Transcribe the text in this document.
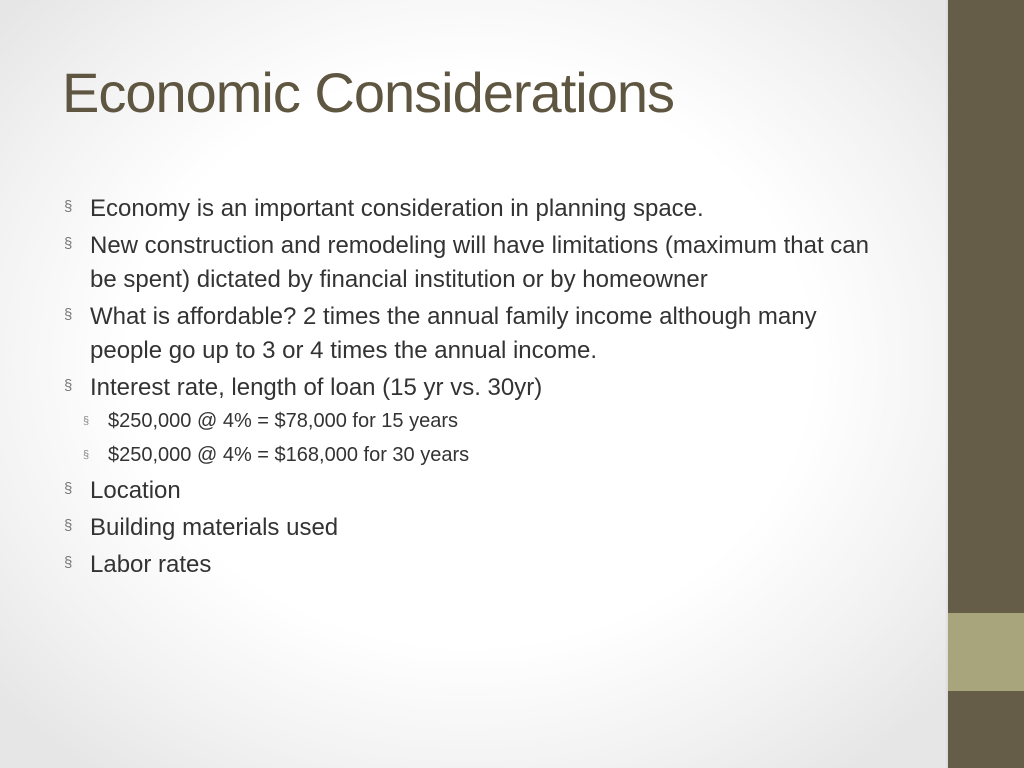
Economic Considerations
§ Economy is an important consideration in planning space.
§ New construction and remodeling will have limitations (maximum that can be spent) dictated by financial institution or by homeowner
§ What is affordable? 2 times the annual family income although many people go up to 3 or 4 times the annual income.
§ Interest rate, length of loan (15 yr vs. 30yr)
§ $250,000 @ 4% = $78,000 for 15 years
§ $250,000 @ 4% = $168,000 for 30 years
§ Location
§ Building materials used
§ Labor rates
